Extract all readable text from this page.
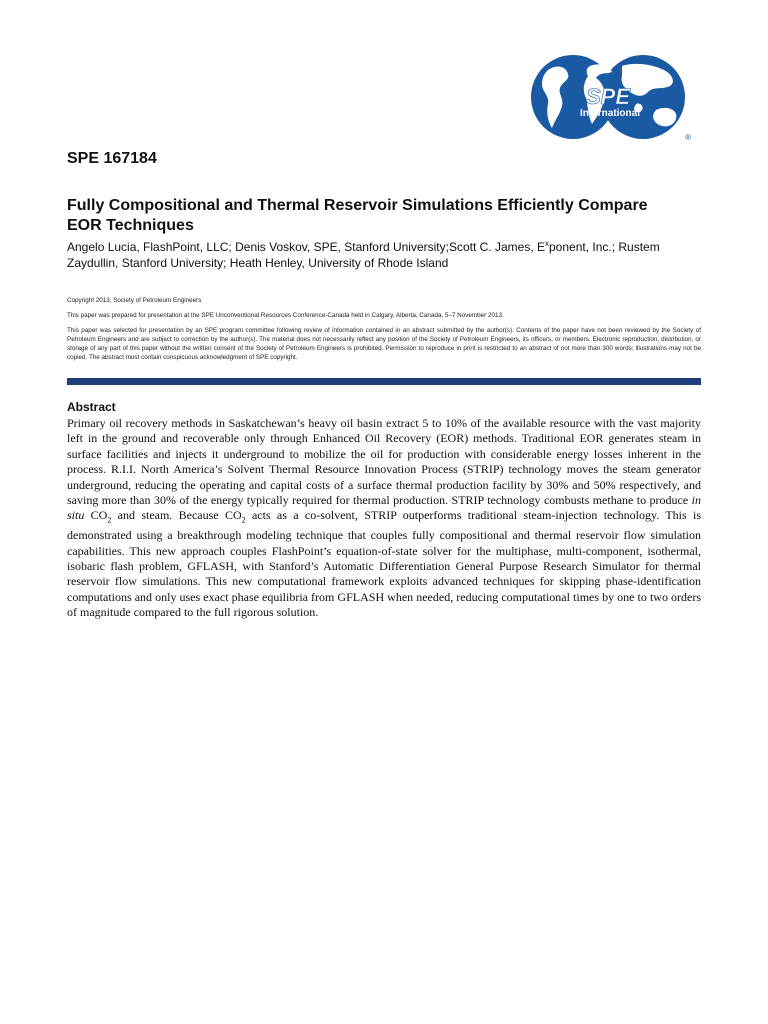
SPE
International
®
SPE 167184
Fully Compositional and Thermal Reservoir Simulations Efficiently Compare EOR Techniques
Angelo Lucia, FlashPoint, LLC; Denis Voskov, SPE, Stanford University;Scott C. James, $E^xponent$, Inc.; Rustem Zaydullin, Stanford University; Heath Henley, University of Rhode Island

Copyright 2013, Society of Petroleum Engineers

This paper was prepared for presentation at the SPE Unconventional Resources Conference-Canada held in Calgary, Alberta, Canada, 5–7 November 2013.

This paper was selected for presentation by an SPE program committee following review of information contained in an abstract submitted by the author(s). Contents of the paper have not been reviewed by the Society of Petroleum Engineers and are subject to correction by the author(s). The material does not necessarily reflect any position of the Society of Petroleum Engineers, its officers, or members. Electronic reproduction, distribution, or storage of any part of this paper without the written consent of the Society of Petroleum Engineers is prohibited. Permission to reproduce in print is restricted to an abstract of not more than 300 words; illustrations may not be copied. The abstract must contain conspicuous acknowledgment of SPE copyright.

Abstract

Primary oil recovery methods in Saskatchewan’s heavy oil basin extract 5 to 10% of the available resource with the vast majority left in the ground and recoverable only through Enhanced Oil Recovery (EOR) methods. Traditional EOR generates steam in surface facilities and injects it underground to mobilize the oil for production with considerable energy losses inherent in the process. R.I.I. North America’s Solvent Thermal Resource Innovation Process (STRIP) technology moves the steam generator underground, reducing the operating and capital costs of a surface thermal production facility by 30% and 50% respectively, and saving more than 30% of the energy typically required for thermal production. STRIP technology combusts methane to produce in situ $CO_2$ and steam. Because $CO_2$ acts as a co-solvent, STRIP outperforms traditional steam-injection technology. This is demonstrated using a breakthrough modeling technique that couples fully compositional and thermal reservoir flow simulation capabilities. This new approach couples FlashPoint’s equation-of-state solver for the multiphase, multi-component, isothermal, isobaric flash problem, GFLASH, with Stanford’s Automatic Differentiation General Purpose Research Simulator for thermal reservoir flow simulations. This new computational framework exploits advanced techniques for skipping phase-identification computations and only uses exact phase equilibria from GFLASH when needed, reducing computational times by one to two orders of magnitude compared to the full rigorous solution.
